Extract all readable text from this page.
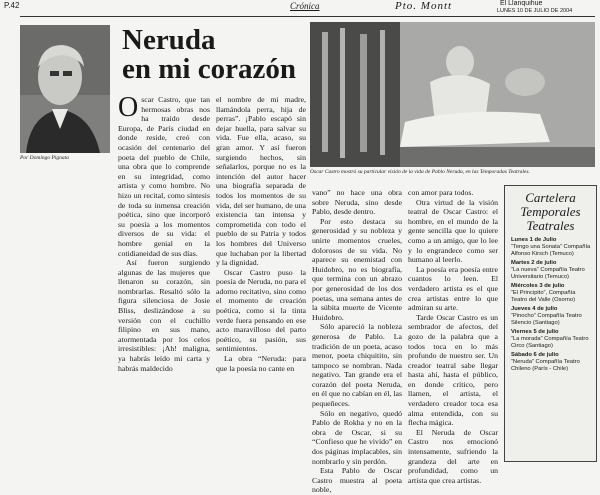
P.42	Crónica	Pto. Montt	El Llanquihue
LUNES 10 DE JULIO DE 2004
Por Domingo Pignata
Neruda
en mi corazón
Oscar Castro mostró su particular visión de la vida de Pablo Neruda, en las Temporadas Teatrales.

Oscar Castro, que tan hermosas obras nos ha traído desde Europa, de París ciudad en donde reside, creó con ocasión del centenario del poeta del pueblo de Chile, una obra que lo comprende en su integridad, como artista y como hombre. No hizo un recital, como síntesis de toda su inmensa creación poética, sino que incorporó su poesía a los momentos diversos de su vida: el hombre genial en la cotidianeidad de sus días.

Así fueron surgiendo algunas de las mujeres que llenaron su corazón, sin nombrarlas. Resaltó sólo la figura silenciosa de Josie Bliss, deslizándose a su versión con el cuchillo filipino en sus mano, atormentada por los celos irresistibles: ¡Ah! maligna, ya habrás leído mi carta y habrás maldecido

el nombre de mi madre, llamándola perra, hija de perras”. ¡Pablo escapó sin dejar huella, para salvar su vida. Fue ella, acaso, su gran amor. Y así fueron surgiendo hechos, sin señalarlos, porque no es la intención del autor hacer una biografía separada de todos los momentos de su vida, del ser humano, de una existencia tan intensa y comprometida con todo el pueblo de su Patria y todos los hombres del Universo que luchaban por la libertad y la dignidad.

Oscar Castro puso la poesía de Neruda, no para el adorno recitativo, sino como el momento de creación poética, como si la tinta verde fuera pensando en ese acto maravilloso del parto poético, su pasión, sus sentimientos.

La obra “Neruda: para que la poesía no cante en

vano” no hace una obra sobre Neruda, sino desde Pablo, desde dentro.

Por esto destaca su generosidad y su nobleza y unirte momentos crueles, dolorosos de su vida. No aparece su enemistad con Huidobro, no es biografía, que termina con un abrazo por generosidad de los dos poetas, una semana antes de la súbita muerte de Vicente Huidobro.

Sólo apareció la nobleza generosa de Pablo. La tradición de un poeta, acaso menor, poeta chiquitito, sin tampoco se nombran. Nada negativo. Tan grande era el corazón del poeta Neruda, en él que no cabían en él, las pequeñeces.

Sólo en negativo, quedó Pablo de Rokha y no en la obra de Oscar, si su “Confieso que he vivido” en dos páginas implacables, sin nombrarlo y sin perdón.

Esta Pablo de Oscar Castro muestra al poeta noble,

con amor para todos.

Otra virtud de la visión teatral de Oscar Castro: el hombre, en el mundo de la gente sencilla que lo quiere como a un amigo, que lo lee y lo engrandece como ser humano al leerlo.

La poesía era poesía entre cuantos lo leen. El verdadero artista es el que crea artistas entre lo que admiran su arte.

Tarde Oscar Castro es un sembrador de afectos, del gozo de la palabra que a todos toca en lo más profundo de nuestro ser. Un creador teatral sabe llegar hasta ahí, hasta el público, en donde crítico, pero llamen, el artista, el verdadero creador toca esa alma entendida, con su flecha mágica.

El Neruda de Oscar Castro nos emocionó intensamente, sufriendo la grandeza del arte en profundidad, como un artista que crea artistas.

Cartelera
Temporales
Teatrales
Lunes 1 de Julio
“Tengo una Sonata” Compañía Alfonso Kirsch (Temuco)
Martes 2 de julio
“La nueva” Compañía Teatro Universitario (Temuco)
Miércoles 3 de julio
“El Principito”, Compañía Teatro del Valle (Osorno)
Jueves 4 de julio
“Pinocho” Compañía Teatro Silencio (Santiago)
Viernes 5 de julio
“La morada” Compañía Teatro Circo (Santiago)
Sábado 6 de julio
“Neruda” Compañía Teatro Chileno (París - Chile)
